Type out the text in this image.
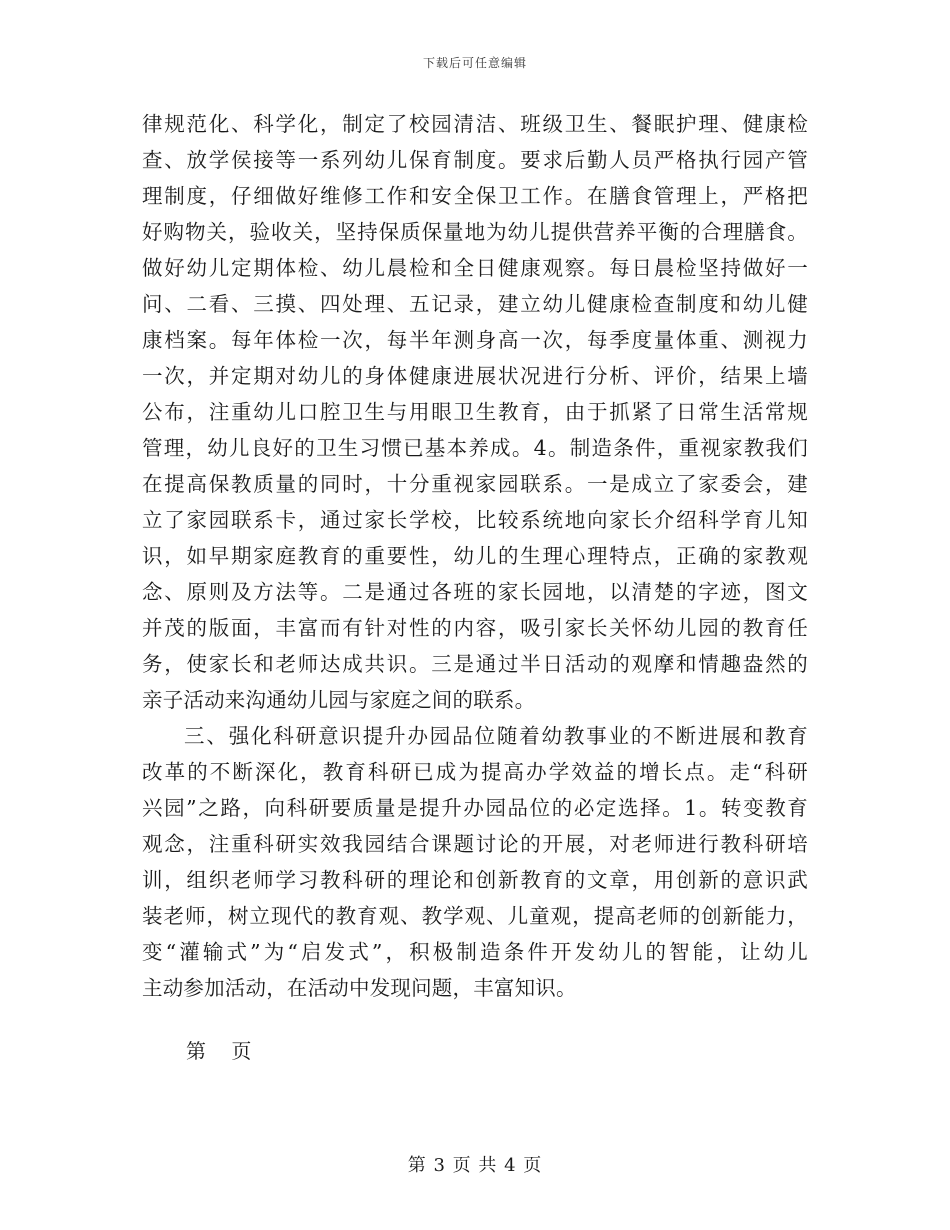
下载后可任意编辑
律规范化、科学化，制定了校园清洁、班级卫生、餐眠护理、健康检
查、放学侯接等一系列幼儿保育制度。要求后勤人员严格执行园产管
理制度，仔细做好维修工作和安全保卫工作。在膳食管理上，严格把
好购物关，验收关，坚持保质保量地为幼儿提供营养平衡的合理膳食。
做好幼儿定期体检、幼儿晨检和全日健康观察。每日晨检坚持做好一
问、二看、三摸、四处理、五记录，建立幼儿健康检查制度和幼儿健
康档案。每年体检一次，每半年测身高一次，每季度量体重、测视力
一次，并定期对幼儿的身体健康进展状况进行分析、评价，结果上墙
公布，注重幼儿口腔卫生与用眼卫生教育，由于抓紧了日常生活常规
管理，幼儿良好的卫生习惯已基本养成。4。制造条件，重视家教我们
在提高保教质量的同时，十分重视家园联系。一是成立了家委会，建
立了家园联系卡，通过家长学校，比较系统地向家长介绍科学育儿知
识，如早期家庭教育的重要性，幼儿的生理心理特点，正确的家教观
念、原则及方法等。二是通过各班的家长园地，以清楚的字迹，图文
并茂的版面，丰富而有针对性的内容，吸引家长关怀幼儿园的教育任
务，使家长和老师达成共识。三是通过半日活动的观摩和情趣盎然的
亲子活动来沟通幼儿园与家庭之间的联系。
三、强化科研意识提升办园品位随着幼教事业的不断进展和教育
改革的不断深化，教育科研已成为提高办学效益的增长点。走“科研
兴园”之路，向科研要质量是提升办园品位的必定选择。1。转变教育
观念，注重科研实效我园结合课题讨论的开展，对老师进行教科研培
训，组织老师学习教科研的理论和创新教育的文章，用创新的意识武
装老师，树立现代的教育观、教学观、儿童观，提高老师的创新能力，
变“灌输式”为“启发式”，积极制造条件开发幼儿的智能，让幼儿
主动参加活动，在活动中发现问题，丰富知识。
第    页
第 3 页 共 4 页
